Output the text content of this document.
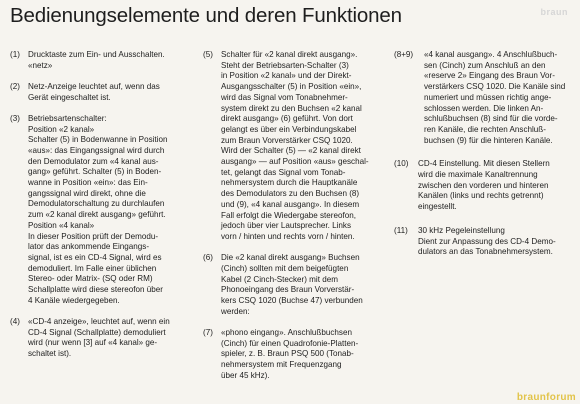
Bedienungselemente und deren Funktionen	braun
(1) Drucktaste zum Ein- und Ausschalten.
«netz»
(2) Netz-Anzeige leuchtet auf, wenn das
Gerät eingeschaltet ist.
(3) Betriebsartenschalter:
Position «2 kanal»
Schalter (5) in Bodenwanne in Position
«aus»: das Eingangssignal wird durch
den Demodulator zum «4 kanal aus-
gang» geführt. Schalter (5) in Boden-
wanne in Position «ein»: das Ein-
gangssignal wird direkt, ohne die
Demodulatorschaltung zu durchlaufen
zum «2 kanal direkt ausgang» geführt.
Position «4 kanal»
In dieser Position prüft der Demodu-
lator das ankommende Eingangs-
signal, ist es ein CD-4 Signal, wird es
demoduliert. Im Falle einer üblichen
Stereo- oder Matrix- (SQ oder RM)
Schallplatte wird diese stereofon über
4 Kanäle wiedergegeben.
(4) «CD-4 anzeige», leuchtet auf, wenn ein
CD-4 Signal (Schallplatte) demoduliert
wird (nur wenn [3] auf «4 kanal» ge-
schaltet ist).
(5) Schalter für «2 kanal direkt ausgang».
Steht der Betriebsarten-Schalter (3)
in Position «2 kanal» und der Direkt-
Ausgangsschalter (5) in Position «ein»,
wird das Signal vom Tonabnehmer-
system direkt zu den Buchsen «2 kanal
direkt ausgang» (6) geführt. Von dort
gelangt es über ein Verbindungskabel
zum Braun Vorverstärker CSQ 1020.
Wird der Schalter (5) — «2 kanal direkt
ausgang» — auf Position «aus» geschal-
tet, gelangt das Signal vom Tonab-
nehmersystem durch die Hauptkanäle
des Demodulators zu den Buchsen (8)
und (9), «4 kanal ausgang». In diesem
Fall erfolgt die Wiedergabe stereofon,
jedoch über vier Lautsprecher. Links
vorn / hinten und rechts vorn / hinten.
(6) Die «2 kanal direkt ausgang» Buchsen
(Cinch) sollten mit dem beigefügten
Kabel (2 Cinch-Stecker) mit dem
Phonoeingang des Braun Vorverstär-
kers CSQ 1020 (Buchse 47) verbunden
werden:
(7) «phono eingang». Anschlußbuchsen
(Cinch) für einen Quadrofonie-Platten-
spieler, z. B. Braun PSQ 500 (Tonab-
nehmersystem mit Frequenzgang
über 45 kHz).
(8+9)	«4 kanal ausgang». 4 Anschlußbuch-
sen (Cinch) zum Anschluß an den
«reserve 2» Eingang des Braun Vor-
verstärkers CSQ 1020. Die Kanäle sind
numeriert und müssen richtig ange-
schlossen werden. Die linken An-
schlußbuchsen (8) sind für die vorde-
ren Kanäle, die rechten Anschluß-
buchsen (9) für die hinteren Kanäle.
(10)	CD-4 Einstellung. Mit diesen Stellern
wird die maximale Kanaltrennung
zwischen den vorderen und hinteren
Kanälen (links und rechts getrennt)
eingestellt.
(11)	30 kHz Pegeleinstellung
Dient zur Anpassung des CD-4 Demo-
dulators an das Tonabnehmersystem.
braunforum
